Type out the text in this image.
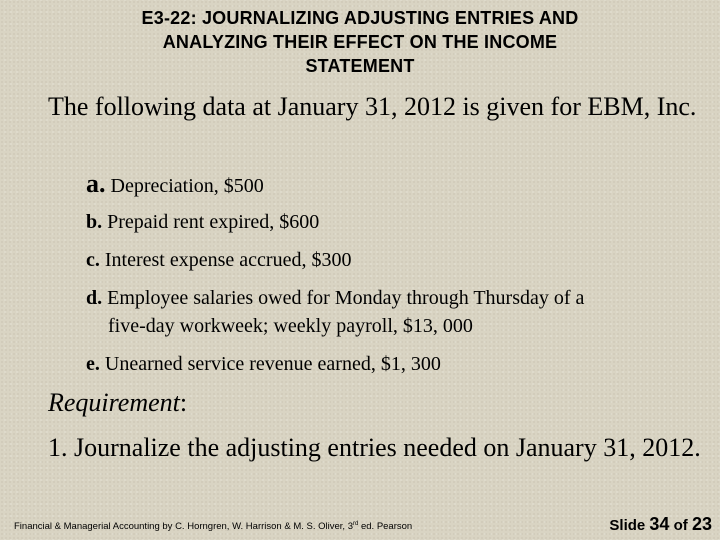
E3-22: JOURNALIZING ADJUSTING ENTRIES AND
ANALYZING THEIR EFFECT ON THE INCOME
STATEMENT
The following data at January 31, 2012 is given for EBM, Inc.
a. Depreciation, $500
b. Prepaid rent expired, $600
c. Interest expense accrued, $300
d. Employee salaries owed for Monday through Thursday of a
five-day workweek; weekly payroll, $13, 000
e. Unearned service revenue earned, $1, 300
Requirement:
1. Journalize the adjusting entries needed on January 31, 2012.
Financial & Managerial Accounting by C. Horngren, W. Harrison & M. S. Oliver, 3rd ed. Pearson	Slide 34 of 23
